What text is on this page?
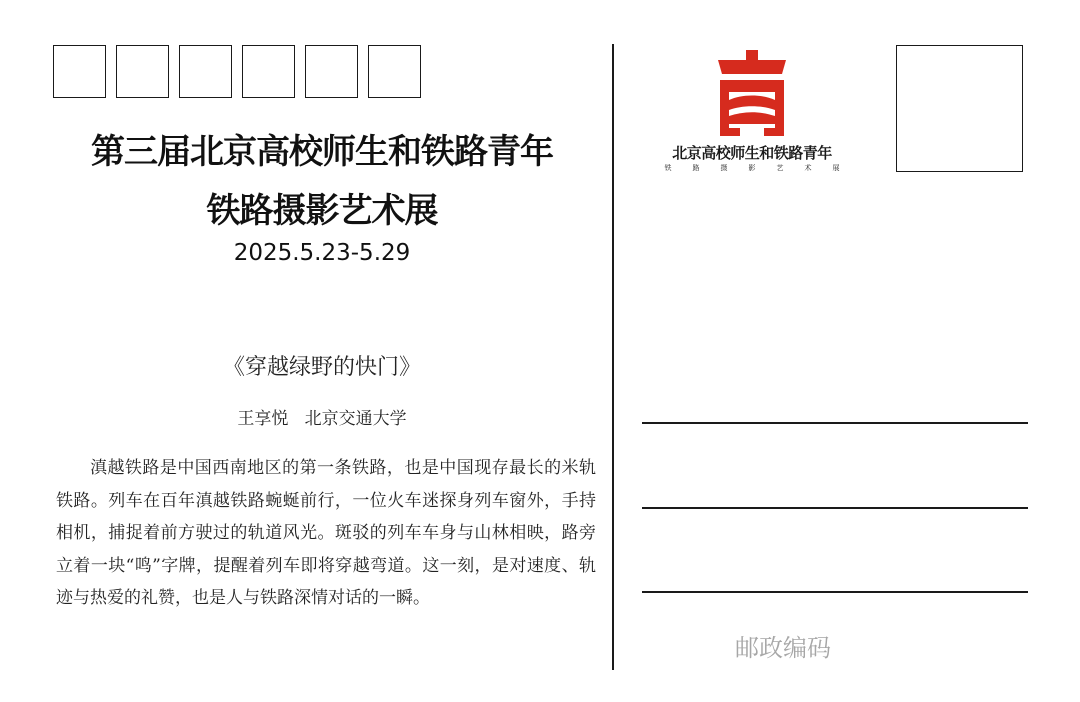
第三届北京高校师生和铁路青年
铁路摄影艺术展
2025.5.23-5.29
《穿越绿野的快门》
王享悦 北京交通大学

滇越铁路是中国西南地区的第一条铁路，也是中国现存最长的米轨铁路。列车在百年滇越铁路蜿蜒前行，一位火车迷探身列车窗外，手持相机，捕捉着前方驶过的轨道风光。斑驳的列车车身与山林相映，路旁立着一块“鸣”字牌，提醒着列车即将穿越弯道。这一刻，是对速度、轨迹与热爱的礼赞，也是人与铁路深情对话的一瞬。

北京高校师生和铁路青年
铁	路	摄	影	艺	术	展
邮政编码
